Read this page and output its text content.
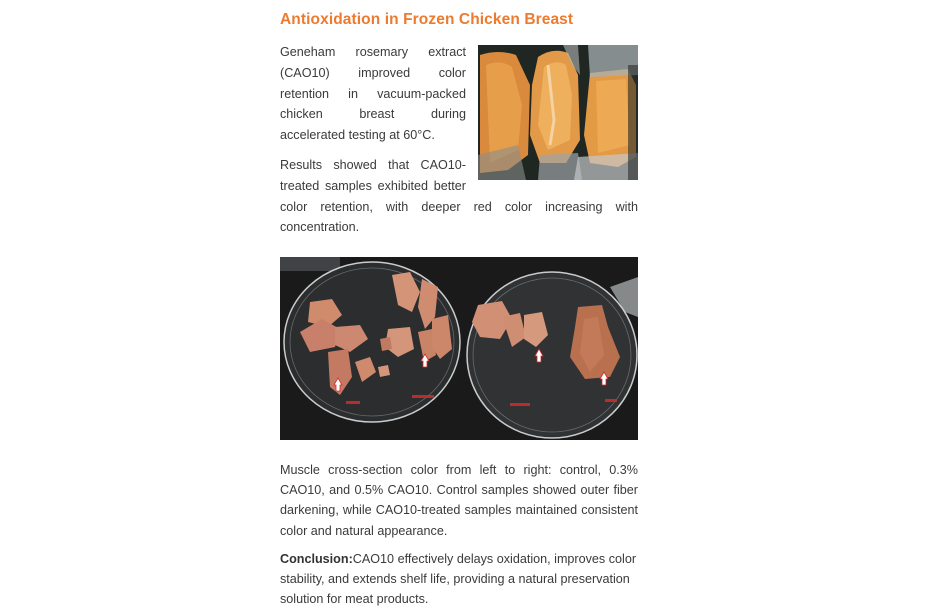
Antioxidation in Frozen Chicken Breast

Geneham rosemary extract (CAO10) improved color retention in vacuum-packed chicken breast during accelerated testing at 60°C.

Results showed that CAO10-treated samples exhibited better color retention, with deeper red color increasing with concentration.

Muscle cross-section color from left to right: control, 0.3% CAO10, and 0.5% CAO10. Control samples showed outer fiber darkening, while CAO10-treated samples maintained consistent color and natural appearance.

Conclusion:CAO10 effectively delays oxidation, improves color stability, and extends shelf life, providing a natural preservation solution for meat products.
